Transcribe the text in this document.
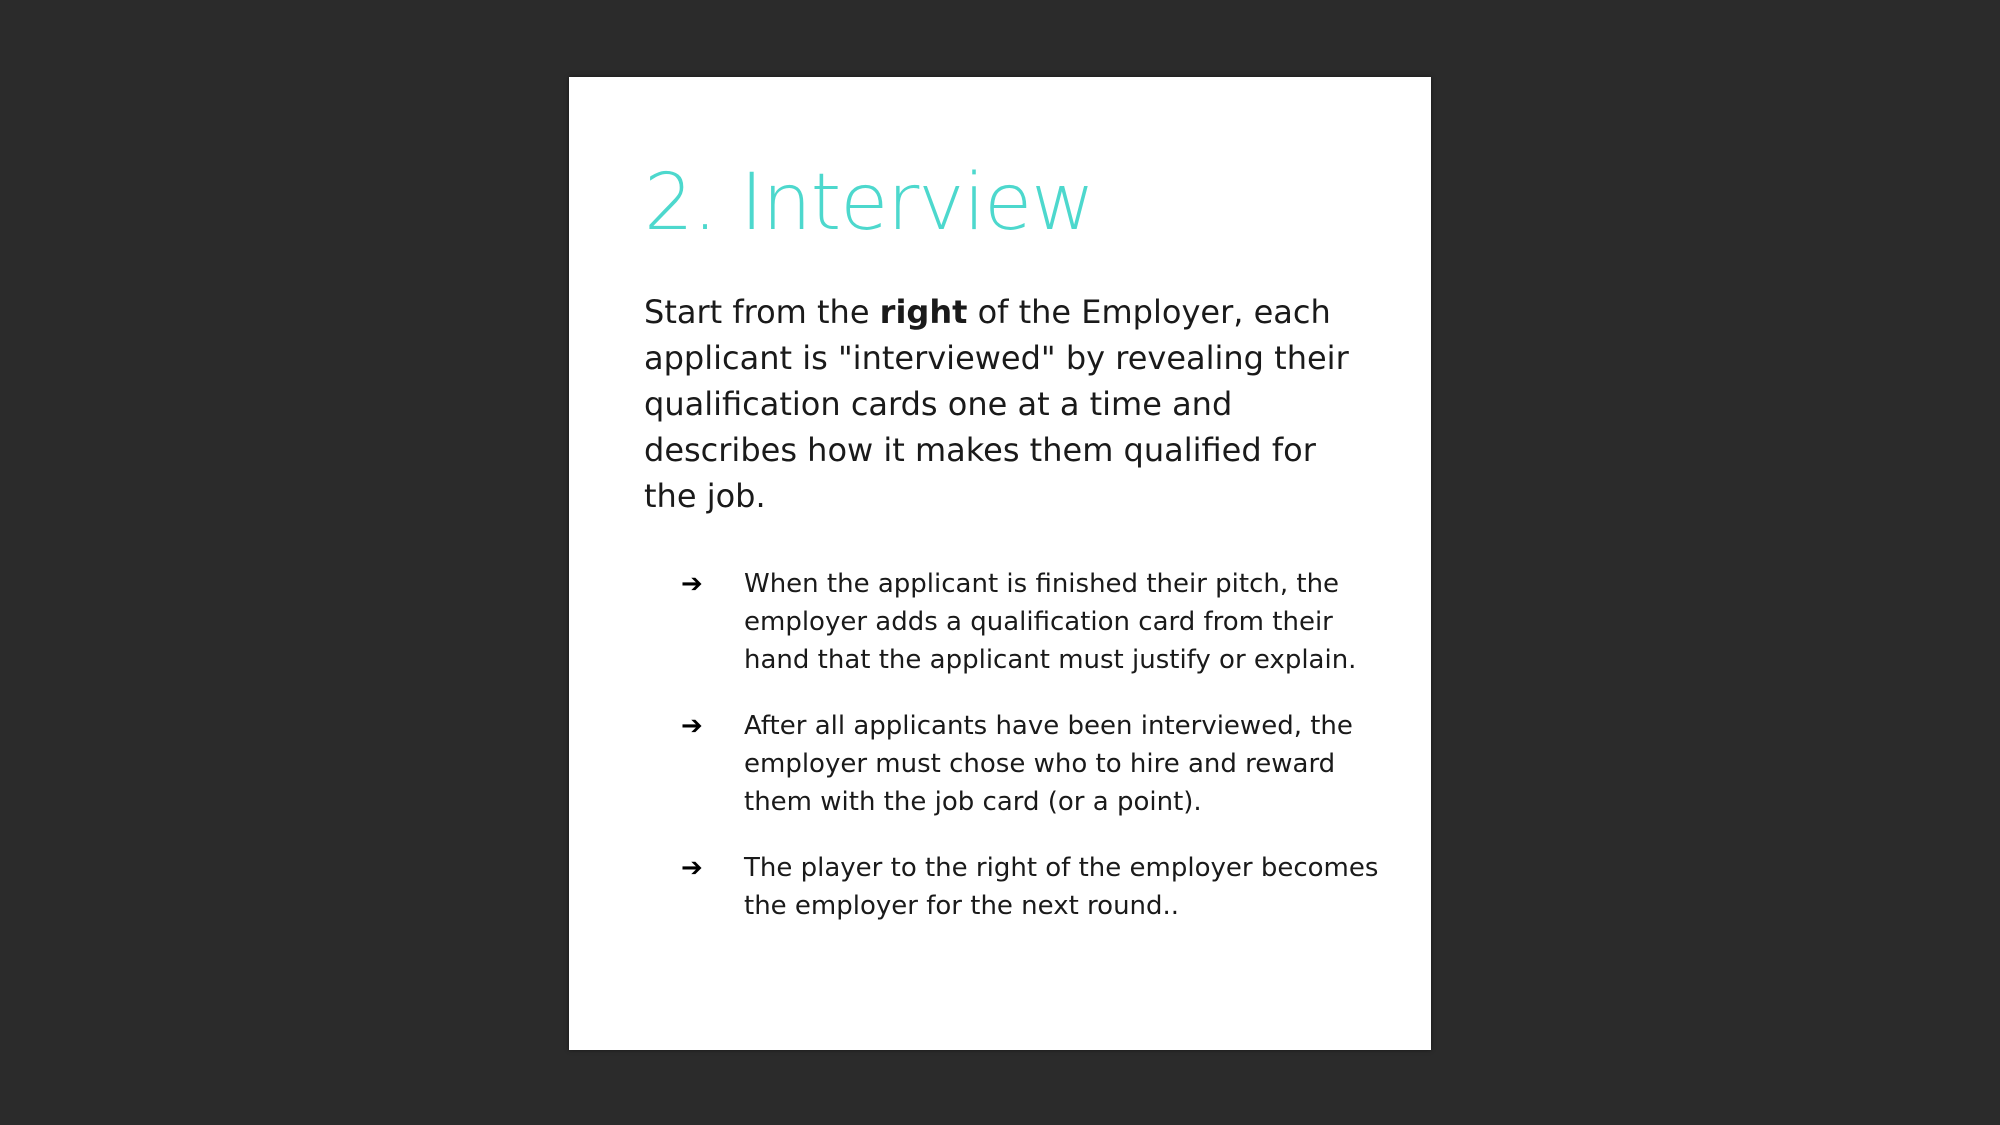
2. Interview

Start from the right of the Employer, each applicant is "interviewed" by revealing their qualification cards one at a time and describes how it makes them qualified for the job.

➔	When the applicant is finished their pitch, the employer adds a qualification card from their hand that the applicant must justify or explain.
➔	After all applicants have been interviewed, the employer must chose who to hire and reward them with the job card (or a point).
➔	The player to the right of the employer becomes the employer for the next round..
